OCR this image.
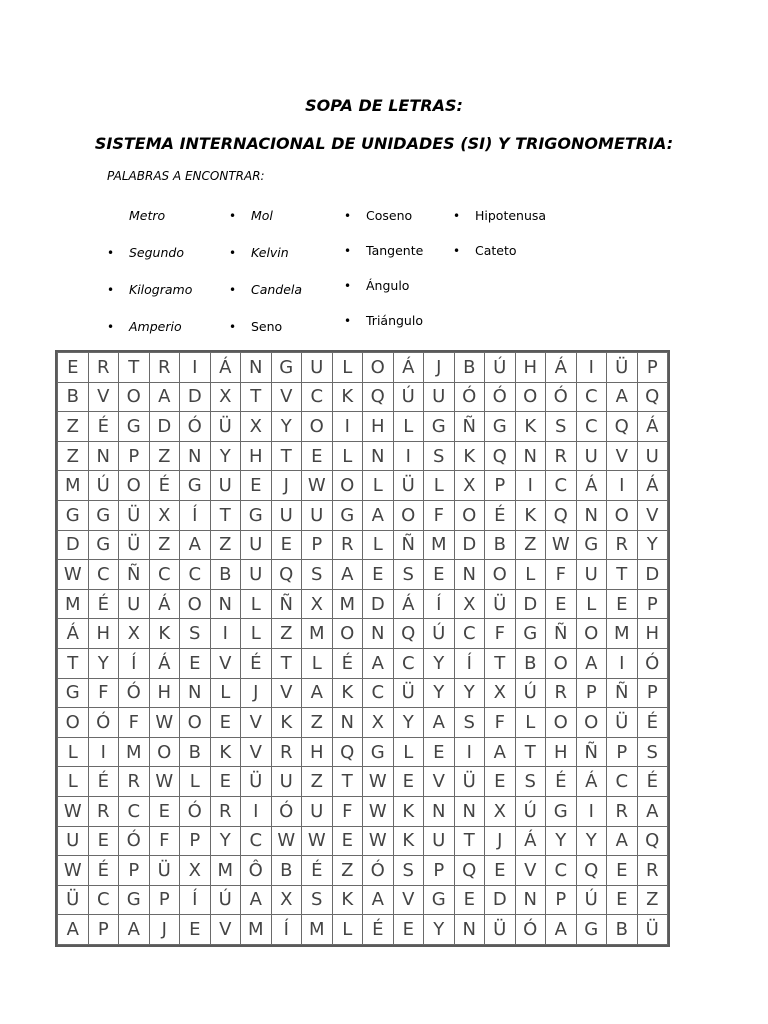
SOPA DE LETRAS:
SISTEMA INTERNACIONAL DE UNIDADES (SI) Y TRIGONOMETRIA:
PALABRAS A ENCONTRAR:
Metro
• Segundo
• Kilogramo
• Amperio
• Mol
• Kelvin
• Candela
• Seno
• Coseno
• Tangente
• Ángulo
• Triángulo
• Hipotenusa
• Cateto
E	R	T	R	I	Á	N	G	U	L	O	Á	J	B	Ú	H	Á	I	Ü	P
B	V	O	A	D	X	T	V	C	K	Q	Ú	U	Ó	Ó	O	Ó	C	A	Q
Z	É	G	D	Ó	Ü	X	Y	O	I	H	L	G	Ñ	G	K	S	C	Q	Á
Z	N	P	Z	N	Y	H	T	E	L	N	I	S	K	Q	N	R	U	V	U
M	Ú	O	É	G	U	E	J	W	O	L	Ü	L	X	P	I	C	Á	I	Á
G	G	Ü	X	Í	T	G	U	U	G	A	O	F	O	É	K	Q	N	O	V
D	G	Ü	Z	A	Z	U	E	P	R	L	Ñ	M	D	B	Z	W	G	R	Y
W	C	Ñ	C	C	B	U	Q	S	A	E	S	E	N	O	L	F	U	T	D
M	É	U	Á	O	N	L	Ñ	X	M	D	Á	Í	X	Ü	D	E	L	E	P
Á	H	X	K	S	I	L	Z	M	O	N	Q	Ú	C	F	G	Ñ	O	M	H
T	Y	Í	Á	E	V	É	T	L	É	A	C	Y	Í	T	B	O	A	I	Ó
G	F	Ó	H	N	L	J	V	A	K	C	Ü	Y	Y	X	Ú	R	P	Ñ	P
O	Ó	F	W	O	E	V	K	Z	N	X	Y	A	S	F	L	O	O	Ü	É
L	I	M	O	B	K	V	R	H	Q	G	L	E	I	A	T	H	Ñ	P	S
L	É	R	W	L	E	Ü	U	Z	T	W	E	V	Ü	E	S	É	Á	C	É
W	R	C	E	Ó	R	I	Ó	U	F	W	K	N	N	X	Ú	G	I	R	A
U	E	Ó	F	P	Y	C	W	W	E	W	K	U	T	J	Á	Y	Y	A	Q
W	É	P	Ü	X	M	Ô	B	É	Z	Ó	S	P	Q	E	V	C	Q	E	R
Ü	C	G	P	Í	Ú	A	X	S	K	A	V	G	E	D	N	P	Ú	E	Z
A	P	A	J	E	V	M	Í	M	L	É	E	Y	N	Ü	Ó	A	G	B	Ü
